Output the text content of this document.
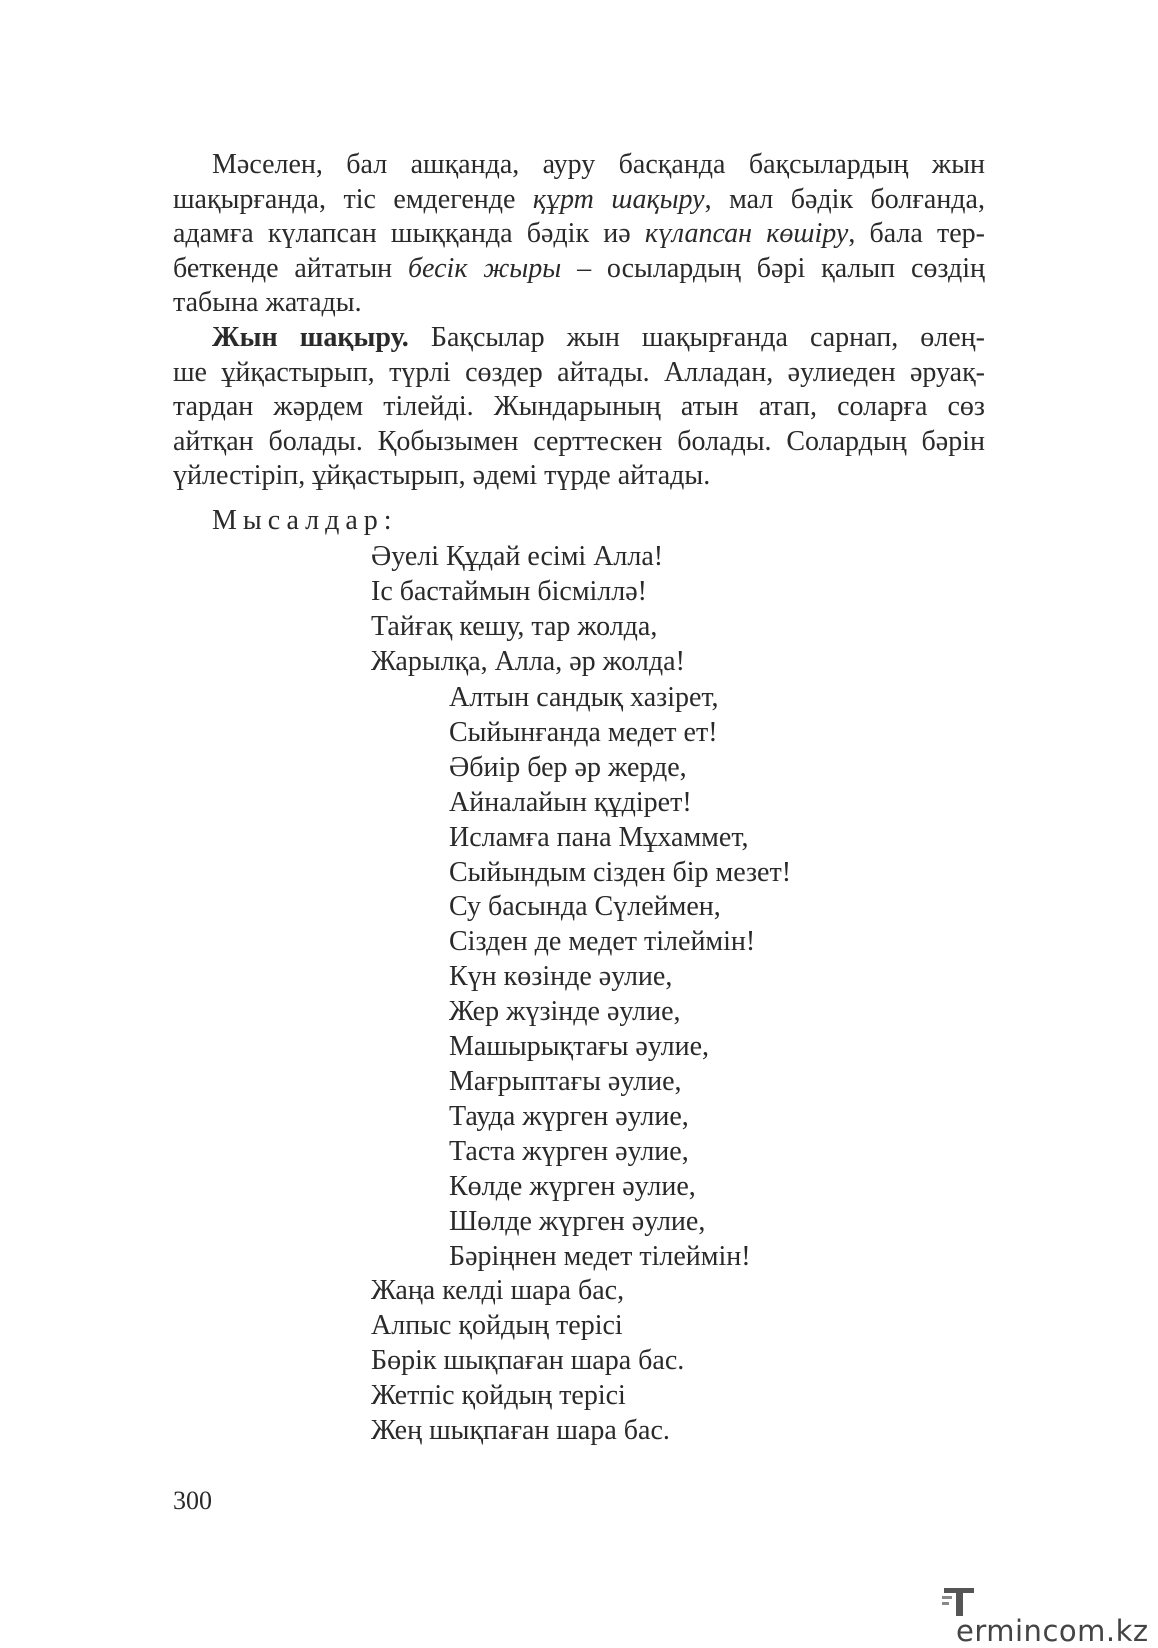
Мәселен, бал ашқанда, ауру басқанда бақсылардың жын
шақырғанда, тіс емдегенде құрт шақыру, мал бәдік болғанда,
адамға күлапсан шыққанда бәдік иә күлапсан көшіру, бала тер-
беткенде айтатын бесік жыры – осылардың бәрі қалып сөздің
табына жатады.

Жын шақыру. Бақсылар жын шақырғанда сарнап, өлең-
ше ұйқастырып, түрлі сөздер айтады. Алладан, әулиеден әруақ-
тардан жәрдем тілейді. Жындарының атын атап, соларға сөз
айтқан болады. Қобызымен серттескен болады. Солардың бәрін
үйлестіріп, ұйқастырып, әдемі түрде айтады.

Мысалдар:
Әуелі Құдай есімі Алла!
Іс бастаймын бісміллә!
Тайғақ кешу, тар жолда,
Жарылқа, Алла, әр жолда!
Алтын сандық хазірет,
Сыйынғанда медет ет!
Әбиір бер әр жерде,
Айналайын құдірет!
Исламға пана Мұхаммет,
Сыйындым сізден бір мезет!
Су басында Сүлеймен,
Сізден де медет тілеймін!
Күн көзінде әулие,
Жер жүзінде әулие,
Машырықтағы әулие,
Мағрыптағы әулие,
Тауда жүрген әулие,
Таста жүрген әулие,
Көлде жүрген әулие,
Шөлде жүрген әулие,
Бәріңнен медет тілеймін!
Жаңа келді шара бас,
Алпыс қойдың терісі
Бөрік шықпаған шара бас.
Жетпіс қойдың терісі
Жең шықпаған шара бас.
300
ermincom.kz
